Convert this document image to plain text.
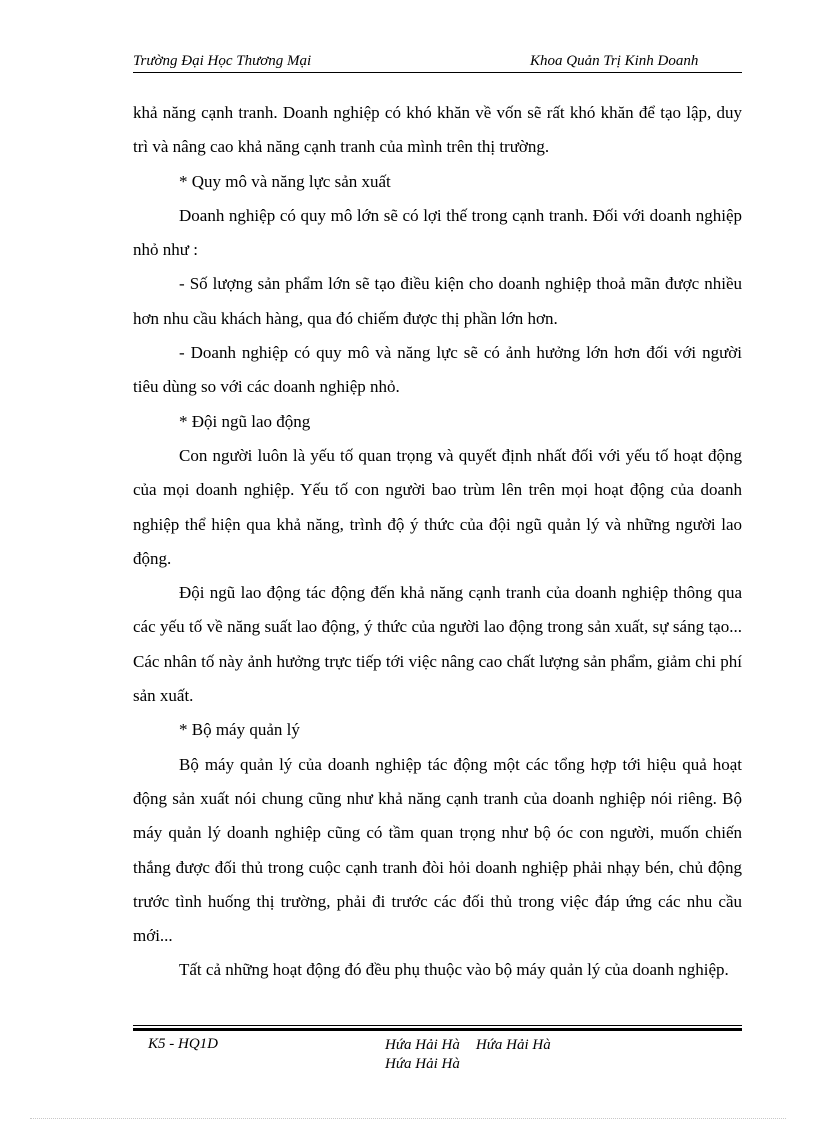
Trường Đại Học Thương Mại	Khoa Quản Trị Kinh Doanh

khả năng cạnh tranh. Doanh nghiệp có khó khăn về vốn sẽ rất khó khăn để tạo lập, duy trì và nâng cao khả năng cạnh tranh của mình trên thị trường.

* Quy mô và năng lực sản xuất

Doanh nghiệp có quy mô lớn sẽ có lợi thế trong cạnh tranh. Đối với doanh nghiệp nhỏ như :

- Số lượng sản phẩm lớn sẽ tạo điều kiện cho doanh nghiệp thoả mãn được nhiều hơn nhu cầu khách hàng, qua đó chiếm được thị phần lớn hơn.

- Doanh nghiệp có quy mô và năng lực sẽ có ảnh hưởng lớn hơn đối với người tiêu dùng so với các doanh nghiệp nhỏ.

* Đội ngũ lao động

Con người luôn là yếu tố quan trọng và quyết định nhất đối với yếu tố hoạt động của mọi doanh nghiệp. Yếu tố con người bao trùm lên trên mọi hoạt động của doanh nghiệp thể hiện qua khả năng, trình độ ý thức của đội ngũ quản lý và những người lao động.

Đội ngũ lao động tác động đến khả năng cạnh tranh của doanh nghiệp thông qua các yếu tố về năng suất lao động, ý thức của người lao động trong sản xuất, sự sáng tạo... Các nhân tố này ảnh hưởng trực tiếp tới việc nâng cao chất lượng sản phẩm, giảm chi phí sản xuất.

* Bộ máy quản lý

Bộ máy quản lý của doanh nghiệp tác động một các tổng hợp tới hiệu quả hoạt động sản xuất nói chung cũng như khả năng cạnh tranh của doanh nghiệp nói riêng. Bộ máy quản lý doanh nghiệp cũng có tầm quan trọng như bộ óc con người, muốn chiến thắng được đối thủ trong cuộc cạnh tranh đòi hỏi doanh nghiệp phải nhạy bén, chủ động trước tình huống thị trường, phải đi trước các đối thủ trong việc đáp ứng các nhu cầu mới...

Tất cả những hoạt động đó đều phụ thuộc vào bộ máy quản lý của doanh nghiệp.

K5 - HQ1D	Hứa Hải Hà Hứa Hải Hà
Hứa Hải Hà
